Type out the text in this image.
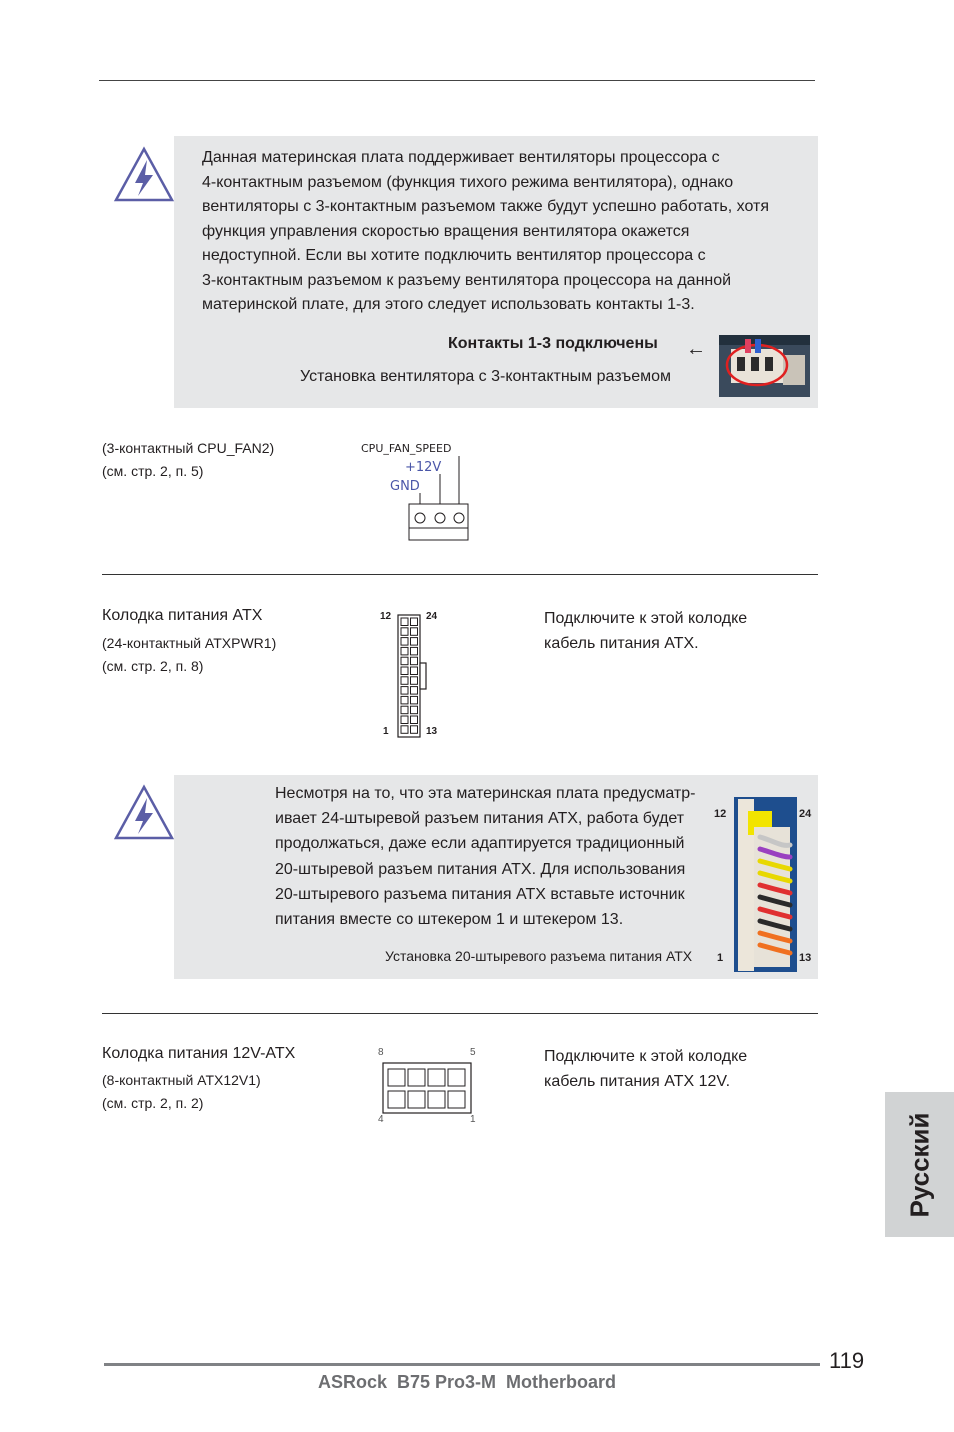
Данная материнская плата поддерживает вентиляторы процессора с
4-контактным разъемом (функция тихого режима вентилятора), однако
вентиляторы с 3-контактным разъемом также будут успешно работать, хотя
функция управления скоростью вращения вентилятора окажется
недоступной. Если вы хотите подключить вентилятор процессора с
3-контактным разъемом к разъему вентилятора процессора на данной
материнской плате, для этого следует использовать контакты 1-3.
Контакты 1-3 подключены ←
Установка вентилятора с 3-контактным разъемом
(3-контактный CPU_FAN2)
(см. стр. 2, п. 5)
CPU_FAN_SPEED
+12V
GND
Колодка питания ATX
(24-контактный ATXPWR1)
(см. стр. 2, п. 8)
12	24
1	13
Подключите к этой колодке
кабель питания ATX.
Несмотря на то, что эта материнская плата предусматр-
ивает 24-штыревой разъем питания ATX, работа будет
продолжаться, даже если адаптируется традиционный
20-штыревой разъем питания ATX. Для использования
20-штыревого разъема питания ATX вставьте источник
питания вместе со штекером 1 и штекером 13.
Установка 20-штыревого разъема питания ATX
12	24
1	13
Колодка питания 12V-ATX
(8-контактный ATX12V1)
(см. стр. 2, п. 2)
8	5
4	1
Подключите к этой колодке
кабель питания ATX 12V.
Русский
119
ASRock  B75 Pro3-M  Motherboard
